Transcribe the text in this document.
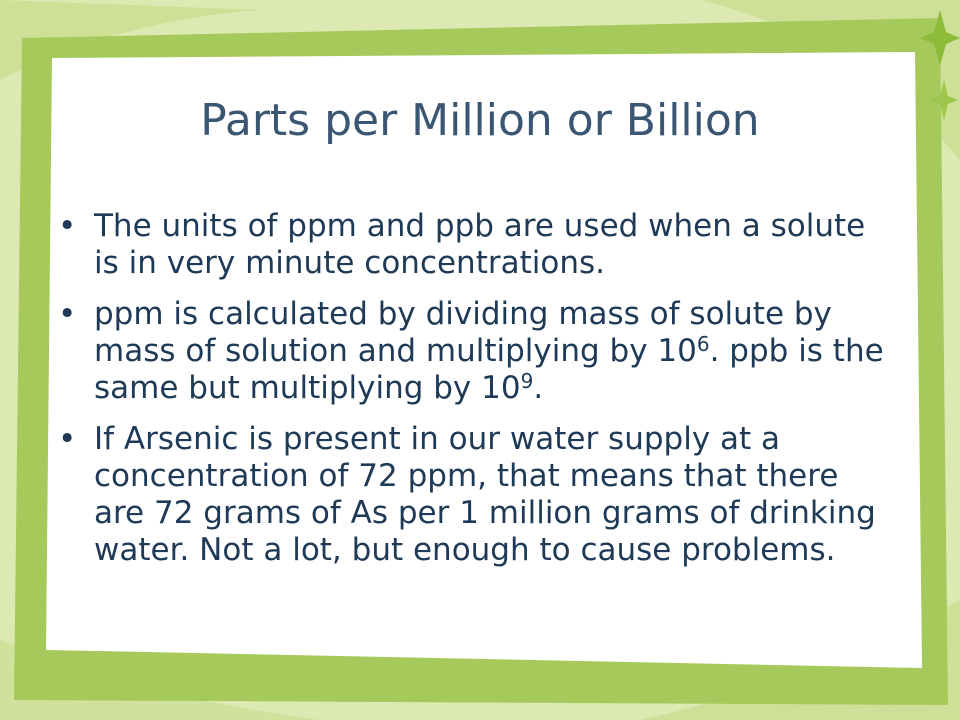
Parts per Million or Billion
• The units of ppm and ppb are used when a solute is in very minute concentrations.
• ppm is calculated by dividing mass of solute by mass of solution and multiplying by $10^6$. ppb is the same but multiplying by $10^9$.
• If Arsenic is present in our water supply at a concentration of 72 ppm, that means that there are 72 grams of As per 1 million grams of drinking water. Not a lot, but enough to cause problems.
